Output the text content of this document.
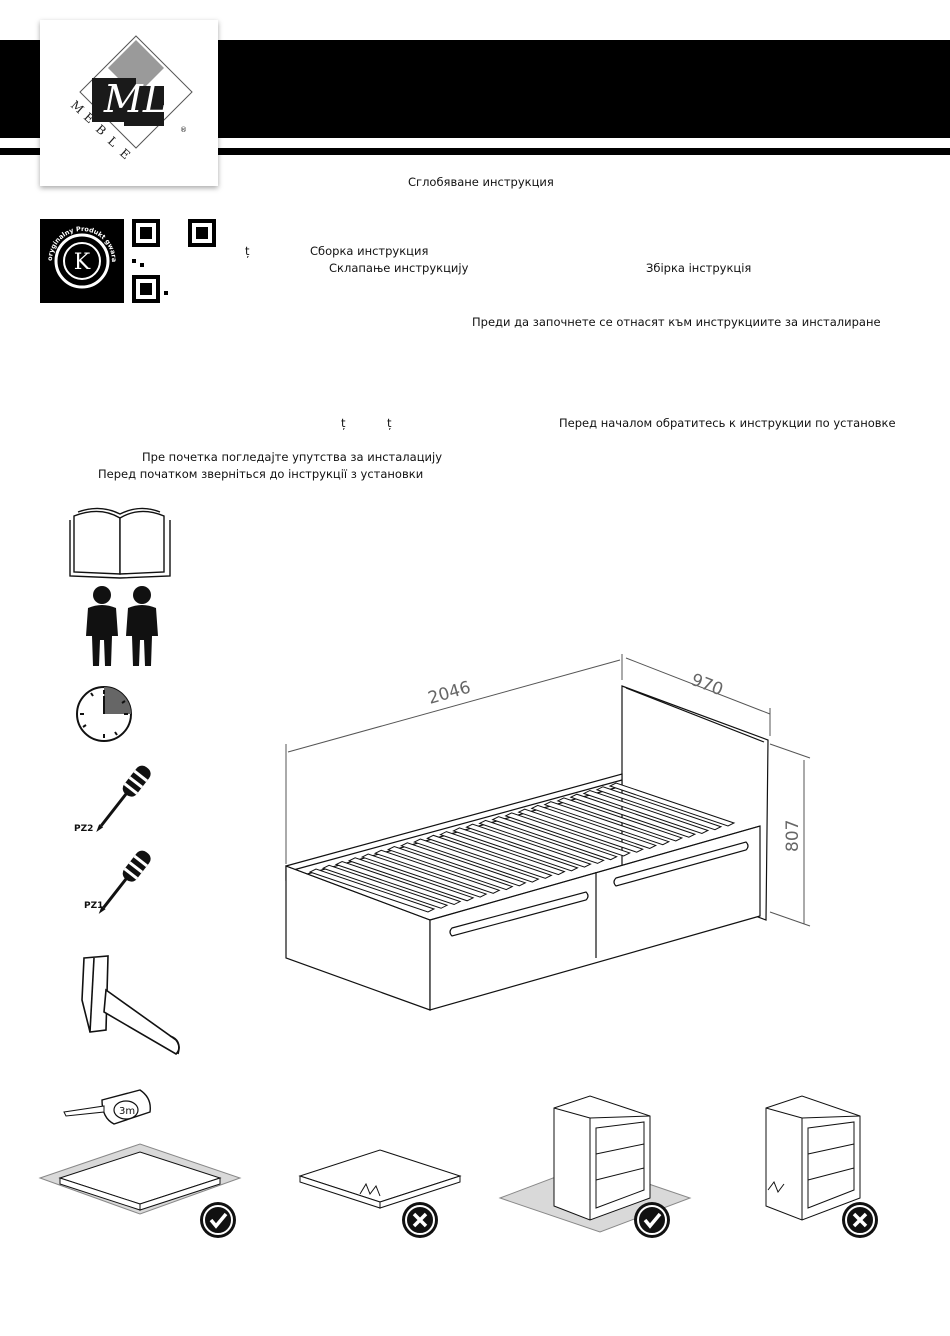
ML
®
M
E
B
L
E
Сглобяване инструкция
K
oryginalny Produkt gwara
ț	Сборка инструкция
Склапање инструкцију	Збірка інструкція
Преди да започнете се отнасят към инструкциите за инсталиране
ț	ț	Перед началом обратитесь к инструкции по установке
Пре почетка погледајте упутства за инсталацију
Перед початком зверніться до інструкції з установки
PZ2
PZ1
2046	970
807
3m
